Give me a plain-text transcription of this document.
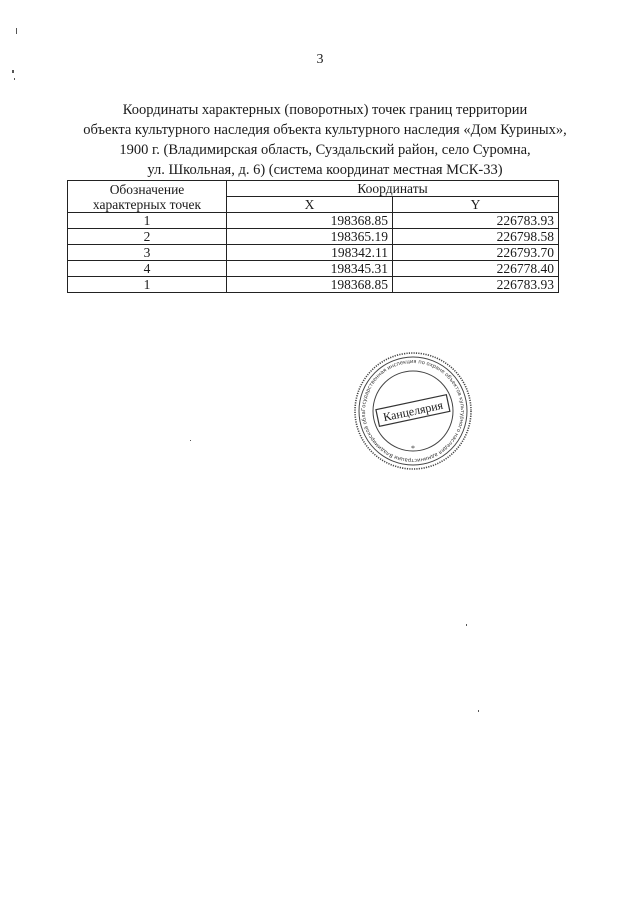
3
Координаты характерных (поворотных) точек границ территории
объекта культурного наследия объекта культурного наследия «Дом Куриных»,
1900 г. (Владимирская область, Суздальский район, село Суромна,
ул. Школьная, д. 6) (система координат местная МСК-33)
Обозначение характерных точек	Координаты	
	X	Y
1	198368.85	226783.93
2	198365.19	226798.58
3	198342.11	226793.70
4	198345.31	226778.40
1	198368.85	226783.93
Государственная инспекция по охране объектов культурного наследия администрации Владимирской обла	Канцелярия
*
